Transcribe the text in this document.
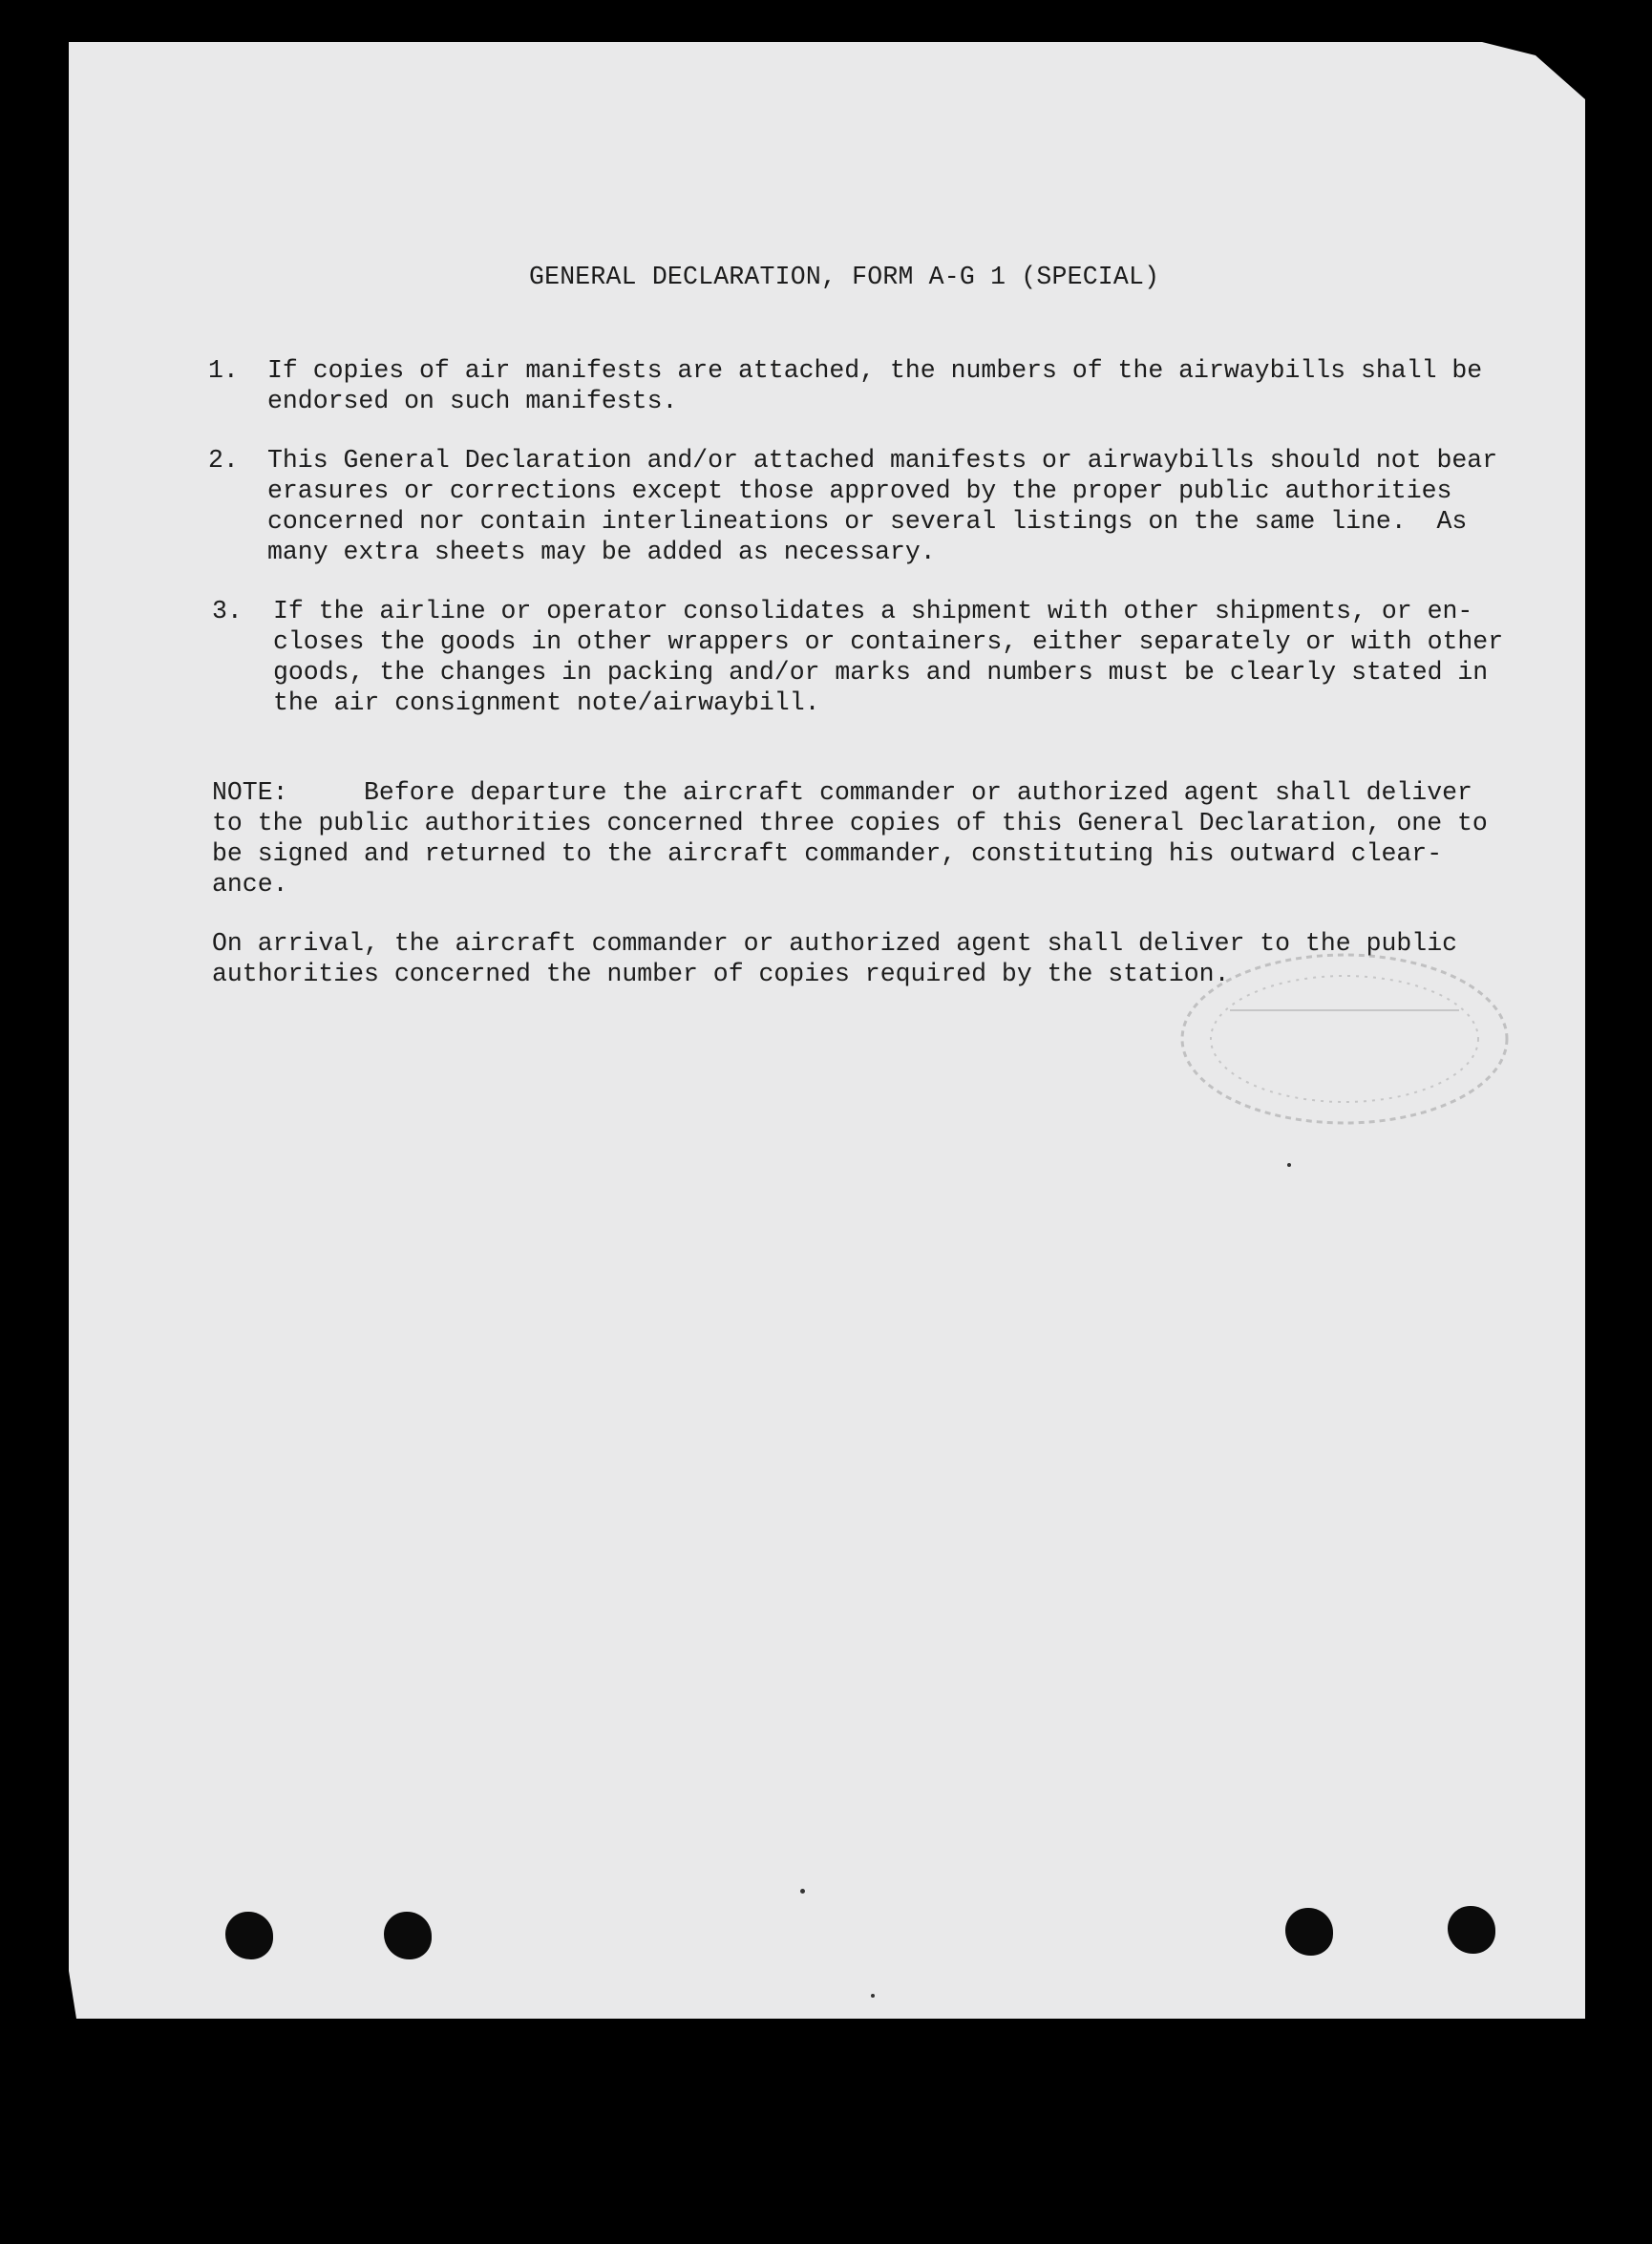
GENERAL DECLARATION, FORM A-G 1 (SPECIAL)
1. If copies of air manifests are attached, the numbers of the airwaybills shall be
endorsed on such manifests.
2. This General Declaration and/or attached manifests or airwaybills should not bear
erasures or corrections except those approved by the proper public authorities
concerned nor contain interlineations or several listings on the same line.  As
many extra sheets may be added as necessary.
3. If the airline or operator consolidates a shipment with other shipments, or en-
closes the goods in other wrappers or containers, either separately or with other
goods, the changes in packing and/or marks and numbers must be clearly stated in
the air consignment note/airwaybill.
NOTE:     Before departure the aircraft commander or authorized agent shall deliver
to the public authorities concerned three copies of this General Declaration, one to
be signed and returned to the aircraft commander, constituting his outward clear-
ance.
On arrival, the aircraft commander or authorized agent shall deliver to the public
authorities concerned the number of copies required by the station.
